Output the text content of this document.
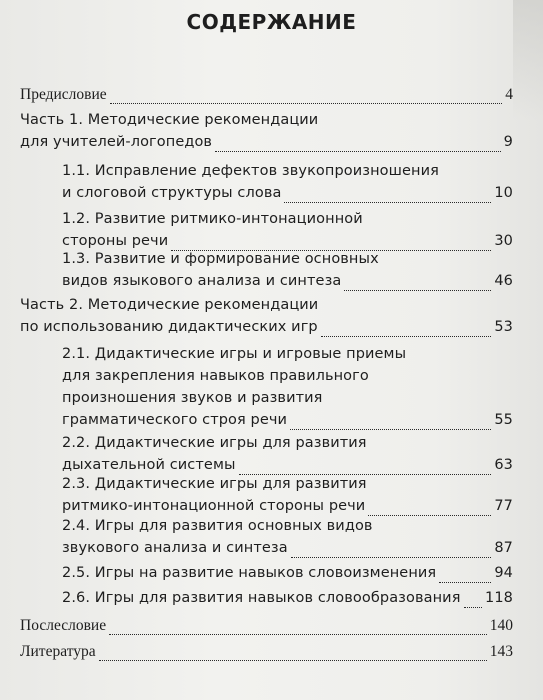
СОДЕРЖАНИЕ
Предисловие	4
Часть 1. Методические рекомендации
для учителей-логопедов	9
1.1. Исправление дефектов звукопроизношения
и слоговой структуры слова	10
1.2. Развитие ритмико-интонационной
стороны речи	30
1.3. Развитие и формирование основных
видов языкового анализа и синтеза	46
Часть 2. Методические рекомендации
по использованию дидактических игр	53
2.1. Дидактические игры и игровые приемы
для закрепления навыков правильного
произношения звуков и развития
грамматического строя речи	55
2.2. Дидактические игры для развития
дыхательной системы	63
2.3. Дидактические игры для развития
ритмико-интонационной стороны речи	77
2.4. Игры для развития основных видов
звукового анализа и синтеза	87
2.5. Игры на развитие навыков словоизменения	94
2.6. Игры для развития навыков словообразования 118
Послесловие	140
Литература	143
